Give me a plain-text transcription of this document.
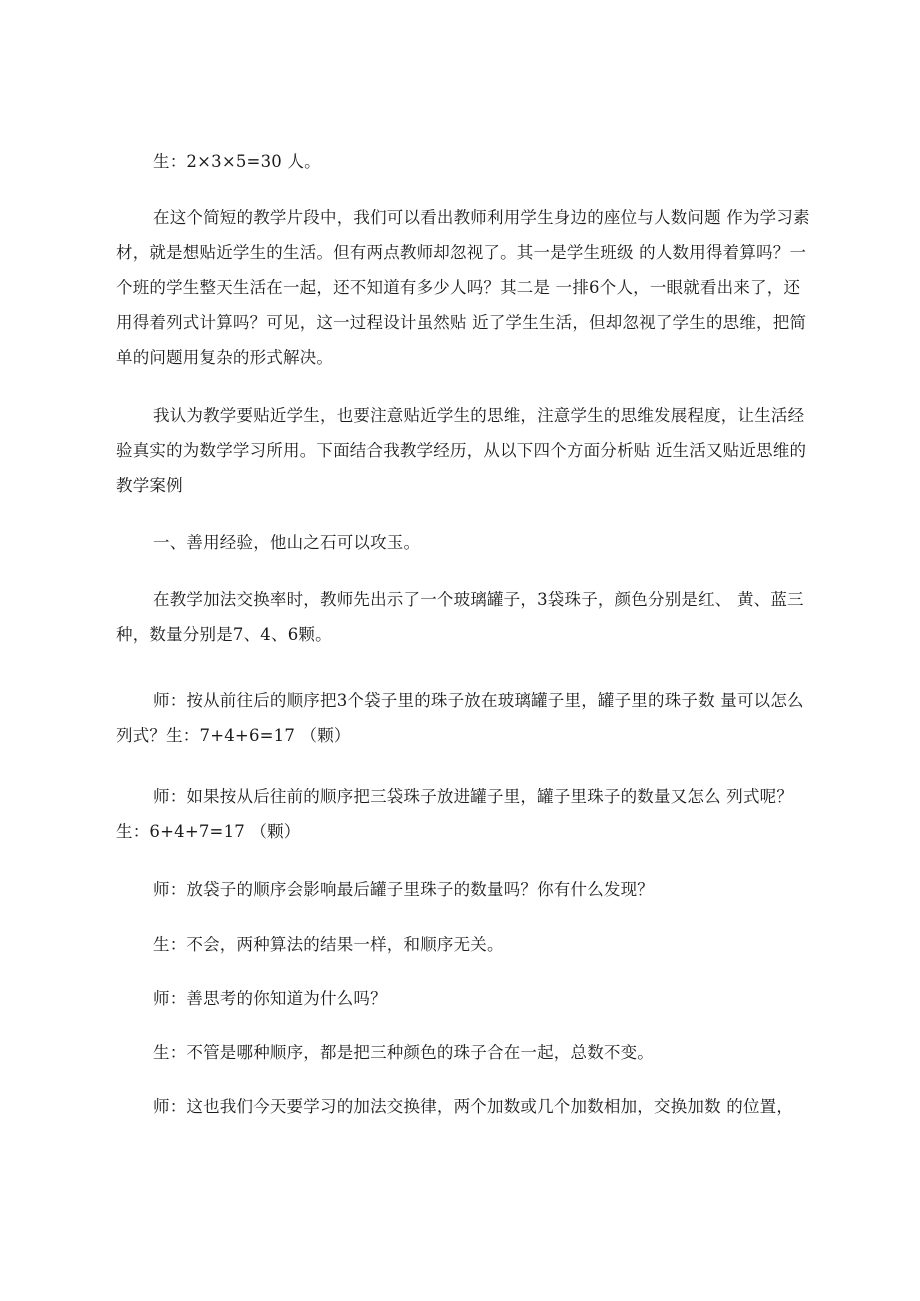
生：2×3×5=30 人。

在这个简短的教学片段中，我们可以看出教师利用学生身边的座位与人数问题 作为学习素材，就是想贴近学生的生活。但有两点教师却忽视了。其一是学生班级 的人数用得着算吗？一个班的学生整天生活在一起，还不知道有多少人吗？其二是 一排6个人，一眼就看出来了，还用得着列式计算吗？可见，这一过程设计虽然贴 近了学生生活，但却忽视了学生的思维，把简单的问题用复杂的形式解决。

我认为教学要贴近学生，也要注意贴近学生的思维，注意学生的思维发展程度，让生活经验真实的为数学学习所用。下面结合我教学经历，从以下四个方面分析贴 近生活又贴近思维的教学案例

一、善用经验，他山之石可以攻玉。

在教学加法交换率时，教师先出示了一个玻璃罐子，3袋珠子，颜色分别是红、 黄、蓝三种，数量分别是7、4、6颗。

师：按从前往后的顺序把3个袋子里的珠子放在玻璃罐子里，罐子里的珠子数 量可以怎么列式？生：7+4+6=17 （颗）

师：如果按从后往前的顺序把三袋珠子放进罐子里，罐子里珠子的数量又怎么 列式呢？生：6+4+7=17 （颗）

师：放袋子的顺序会影响最后罐子里珠子的数量吗？你有什么发现？

生：不会，两种算法的结果一样，和顺序无关。

师：善思考的你知道为什么吗？

生：不管是哪种顺序，都是把三种颜色的珠子合在一起，总数不变。

师：这也我们今天要学习的加法交换律，两个加数或几个加数相加，交换加数 的位置，
